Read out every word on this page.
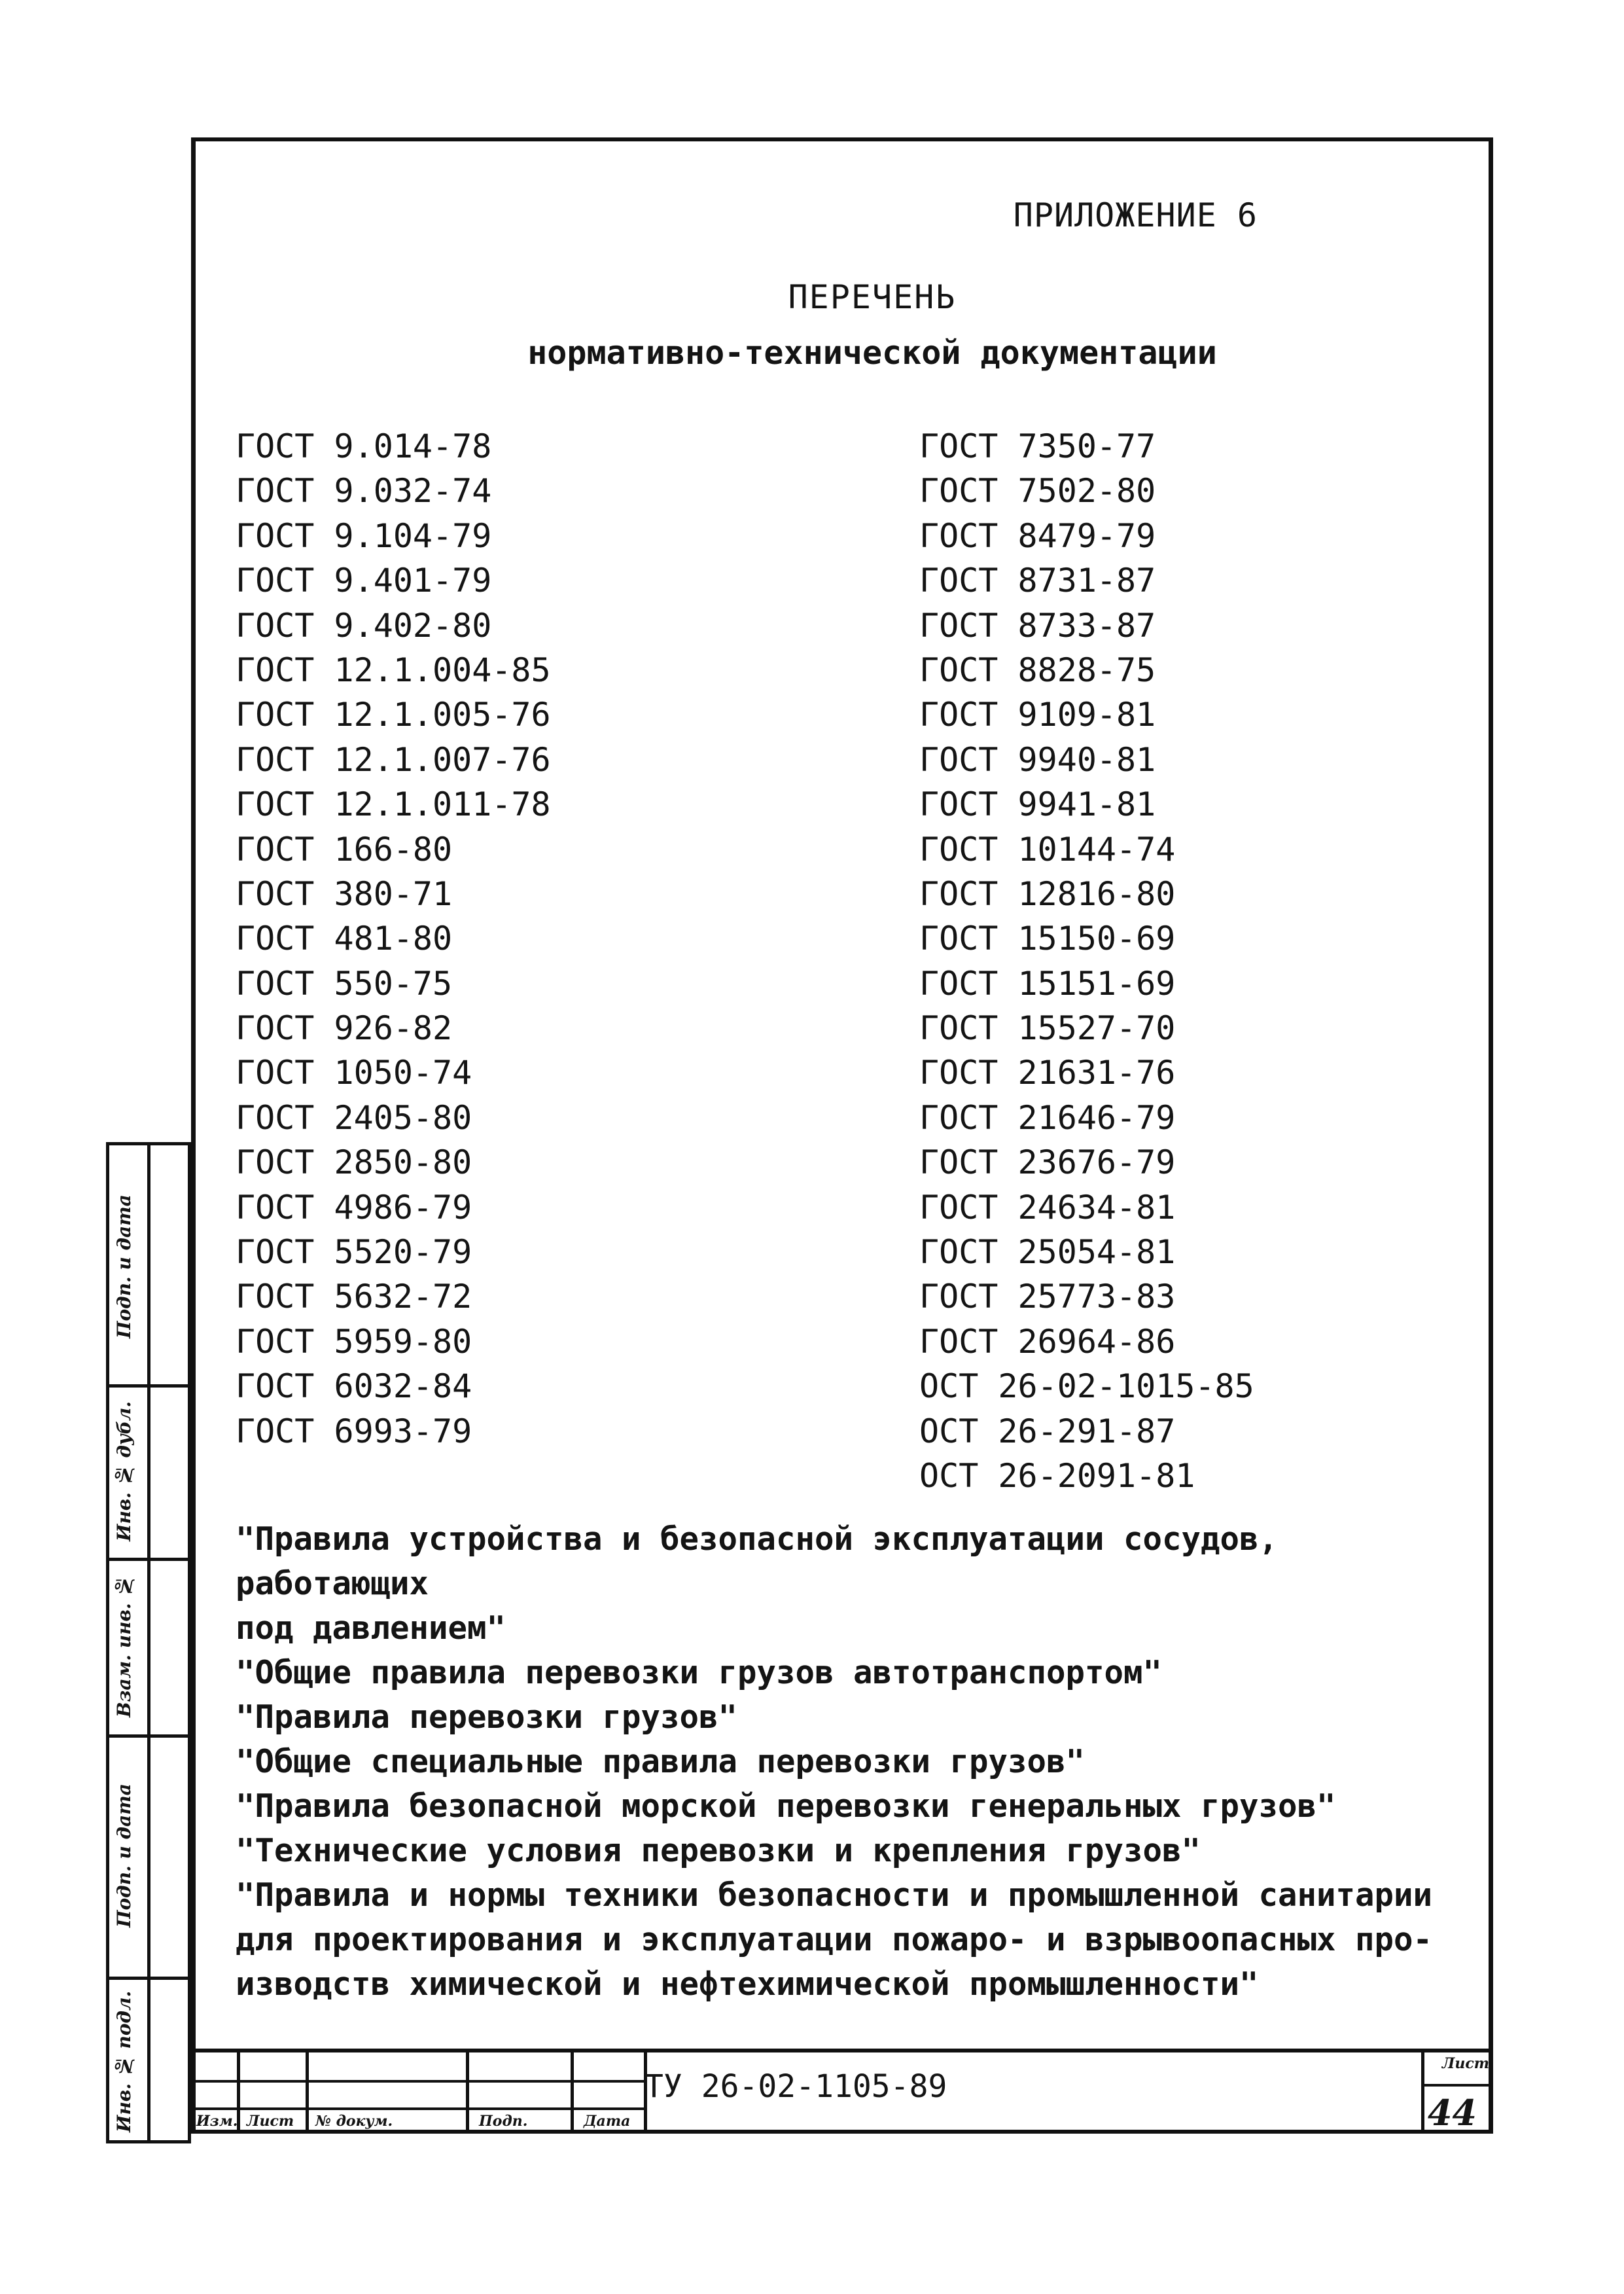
ПРИЛОЖЕНИЕ 6
ПЕРЕЧЕНЬ
нормативно-технической документации
ГОСТ 9.014-78
ГОСТ 9.032-74
ГОСТ 9.104-79
ГОСТ 9.401-79
ГОСТ 9.402-80
ГОСТ 12.1.004-85
ГОСТ 12.1.005-76
ГОСТ 12.1.007-76
ГОСТ 12.1.011-78
ГОСТ 166-80
ГОСТ 380-71
ГОСТ 481-80
ГОСТ 550-75
ГОСТ 926-82
ГОСТ 1050-74
ГОСТ 2405-80
ГОСТ 2850-80
ГОСТ 4986-79
ГОСТ 5520-79
ГОСТ 5632-72
ГОСТ 5959-80
ГОСТ 6032-84
ГОСТ 6993-79
ГОСТ 7350-77
ГОСТ 7502-80
ГОСТ 8479-79
ГОСТ 8731-87
ГОСТ 8733-87
ГОСТ 8828-75
ГОСТ 9109-81
ГОСТ 9940-81
ГОСТ 9941-81
ГОСТ 10144-74
ГОСТ 12816-80
ГОСТ 15150-69
ГОСТ 15151-69
ГОСТ 15527-70
ГОСТ 21631-76
ГОСТ 21646-79
ГОСТ 23676-79
ГОСТ 24634-81
ГОСТ 25054-81
ГОСТ 25773-83
ГОСТ 26964-86
ОСТ 26-02-1015-85
ОСТ 26-291-87
ОСТ 26-2091-81
"Правила устройства и безопасной эксплуатации сосудов, работающих
под давлением"
"Общие правила перевозки грузов автотранспортом"
"Правила перевозки грузов"
"Общие специальные правила перевозки грузов"
"Правила безопасной морской перевозки генеральных грузов"
"Технические условия перевозки и крепления грузов"
"Правила и нормы техники безопасности и промышленной санитарии
для проектирования и эксплуатации пожаро- и взрывоопасных про-
изводств химической и нефтехимической промышленности"
Подп. и дата
Инв. № дубл.
Взам. инв. №
Подп. и дата
Инв. № подл.	Изм. Лист № докум.	Подп.	Дата
ТУ 26-02-1105-89
Лист
44
